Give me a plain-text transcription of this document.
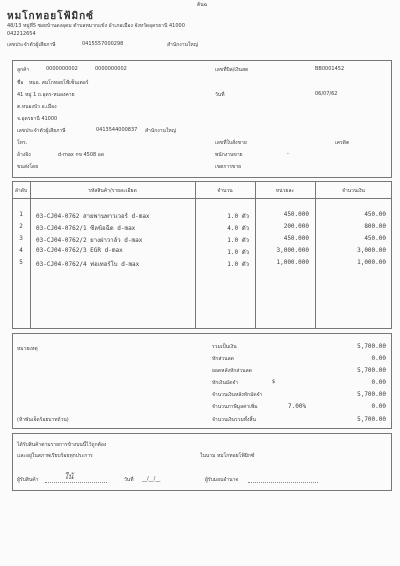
ต้นฉ
หมโกทอยโฟ้มิกซ์
48/13 หมู่ที่5 ซอยบ้านดงอุดม ตำบลหมากแข้ง อำเภอเมือง จังหวัดอุดรธานี 41000
042212654
เลขประจำตัวผู้เสียภาษี	0415557000298	สำนักงานใหญ่
ลูกค้า	0000000002	0000000002
ชื่อ หมอ. สมโกทอยโฟ้เซ็นเตอร์
41 หมู่ 1 ถ.อุดร-หนองคาย
ต.หนองบัว อ.เมือง
จ.อุดรธานี 41000
เลขประจำตัวผู้เสียภาษี	0413544000837 สำนักงานใหญ่
โทร.
อ้างอิง	d-max กข 4508 อด
ขนส่งโดย
เลขที่บิล/เงินสด	BB0001452
วันที่	06/07/62
เลขที่ใบสั่งขาย	เครดิต
พนักงานขาย	-
เขตการขาย
ลำดับ	รหัสสินค้า/รายละเอียด	จำนวน	หน่วยละ	จำนวนเงิน
1	03-CJ04-0762 สายพานพาวเวอร์ d-max	1.0 ตัว	450.000	450.00
2	03-CJ04-0762/1 ซีลข้อฉีด d-max	4.0 ตัว	200.000	800.00
3	03-CJ04-0762/2 ยางฝาวาล์ว d-max	1.0 ตัว	450.000	450.00
4	03-CJ04-0762/3 EGR d-max	1.0 ตัว	3,000.000	3,000.00
5	03-CJ04-0762/4 ท่อเทอร์โบ d-max	1.0 ตัว	1,000.000	1,000.00
หมายเหตุ	รวมเป็นเงิน	5,700.00
หักส่วนลด	0.00
ยอดหลังหักส่วนลด	5,700.00
หักเงินมัดจำ	$	0.00
จำนวนเงินหลังหักมัดจำ	5,700.00
จำนวนภาษีมูลค่าเพิ่ม	7.00%	0.00
(ห้าพันเจ็ดร้อยบาทถ้วน)	จำนวนเงินรวมทั้งสิ้น	5,700.00
ได้รับสินค้าตามรายการข้างบนนี้ไว้ถูกต้อง
และอยู่ในสภาพเรียบร้อยทุกประการ	ในนาม หมโกทอยโฟ้มิกซ์
ผู้รับสินค้า	ใน้	วันที่ __/__/__	ผู้รับมอบอำนาจ
